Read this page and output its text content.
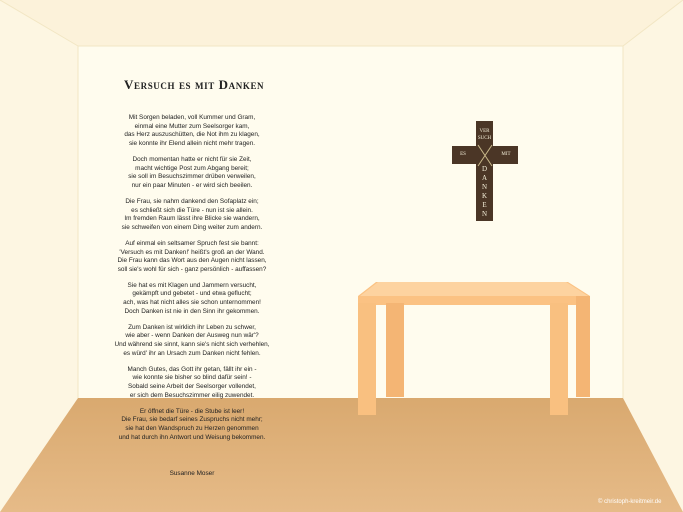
Versuch es mit Danken
Mit Sorgen beladen, voll Kummer und Gram,
einmal eine Mutter zum Seelsorger kam,
das Herz auszuschütten, die Not ihm zu klagen,
sie konnte ihr Elend allein nicht mehr tragen.
Doch momentan hatte er nicht für sie Zeit,
macht wichtige Post zum Abgang bereit;
sie soll im Besuchszimmer drüben verweilen,
nur ein paar Minuten - er wird sich beeilen.
Die Frau, sie nahm dankend den Sofaplatz ein;
es schließt sich die Türe - nun ist sie allein.
Im fremden Raum lässt ihre Blicke sie wandern,
sie schweifen von einem Ding weiter zum andern.
Auf einmal ein seltsamer Spruch fest sie bannt:
'Versuch es mit Danken!' heißt's groß an der Wand.
Die Frau kann das Wort aus den Augen nicht lassen,
soll sie's wohl für sich - ganz persönlich - auffassen?
Sie hat es mit Klagen und Jammern versucht,
gekämpft und gebetet - und etwa geflucht;
ach, was hat nicht alles sie schon unternommen!
Doch Danken ist nie in den Sinn ihr gekommen.
Zum Danken ist wirklich ihr Leben zu schwer,
wie aber - wenn Danken der Ausweg nun wär'?
Und während sie sinnt, kann sie's nicht sich verhehlen,
es würd' ihr an Ursach zum Danken nicht fehlen.
Manch Gutes, das Gott ihr getan, fällt ihr ein -
wie konnte sie bisher so blind dafür sein! -
Sobald seine Arbeit der Seelsorger vollendet,
er sich dem Besuchszimmer eilig zuwendet.
Er öffnet die Türe - die Stube ist leer!
Die Frau, sie bedarf seines Zuspruchs nicht mehr;
sie hat den Wandspruch zu Herzen genommen
und hat durch ihn Antwort und Weisung bekommen.
Susanne Moser
VER
SUCH
ES	MIT
D
A
N
K
E
N
© christoph-kreitmeir.de
